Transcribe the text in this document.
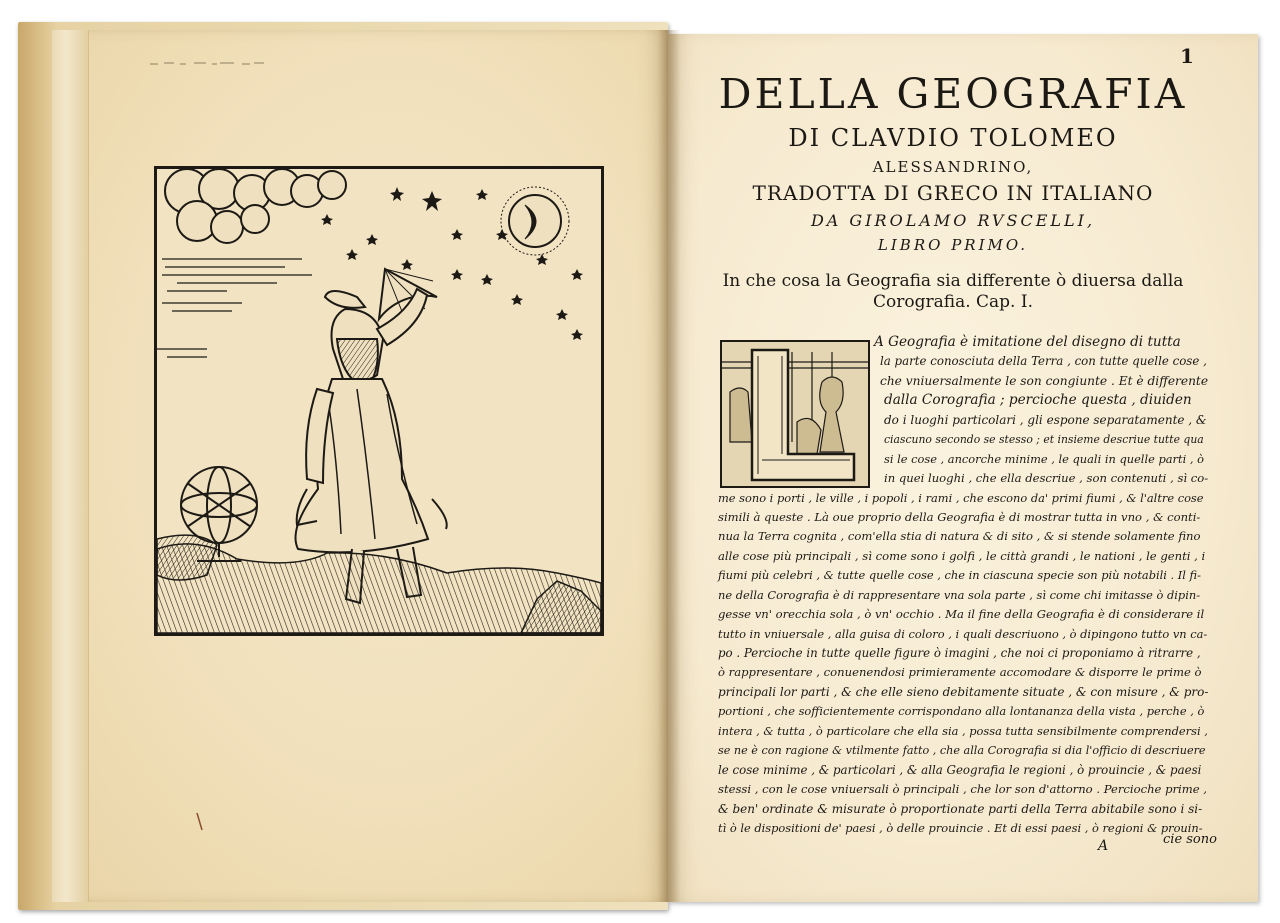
1
DELLA GEOGRAFIA
DI CLAVDIO TOLOMEO
ALESSANDRINO,
TRADOTTA DI GRECO IN ITALIANO
DA GIROLAMO RVSCELLI,
LIBRO PRIMO.
In che cosa la Geografia sia differente ò diuersa dalla
Corografia. Cap. I.
A Geografia è imitatione del disegno di tutta
la parte conosciuta della Terra , con tutte quelle cose ,
che vniuersalmente le son congiunte . Et è differente
dalla Corografia ; percioche questa , diuiden
do i luoghi particolari , gli espone separatamente , &
ciascuno secondo se stesso ; et insieme descriue tutte qua
si le cose , ancorche minime , le quali in quelle parti , ò
in quei luoghi , che ella descriue , son contenuti , sì co-
me sono i porti , le ville , i popoli , i rami , che escono da' primi fiumi , & l'altre cose
simili à queste . Là oue proprio della Geografia è di mostrar tutta in vno , & conti-
nua la Terra cognita , com'ella stia di natura & di sito , & si stende solamente fino
alle cose più principali , sì come sono i golfi , le città grandi , le nationi , le genti , i
fiumi più celebri , & tutte quelle cose , che in ciascuna specie son più notabili . Il fi-
ne della Corografia è di rappresentare vna sola parte , sì come chi imitasse ò dipin-
gesse vn' orecchia sola , ò vn' occhio . Ma il fine della Geografia è di considerare il
tutto in vniuersale , alla guisa di coloro , i quali descriuono , ò dipingono tutto vn ca-
po . Percioche in tutte quelle figure ò imagini , che noi ci proponiamo à ritrarre ,
ò rappresentare , conuenendosi primieramente accomodare & disporre le prime ò
principali lor parti , & che elle sieno debitamente situate , & con misure , & pro-
portioni , che sofficientemente corrispondano alla lontananza della vista , perche , ò
intera , & tutta , ò particolare che ella sia , possa tutta sensibilmente comprendersi ,
se ne è con ragione & vtilmente fatto , che alla Corografia si dia l'officio di descriuere
le cose minime , & particolari , & alla Geografia le regioni , ò prouincie , & paesi
stessi , con le cose vniuersali ò principali , che lor son d'attorno . Percioche prime ,
& ben' ordinate & misurate ò proportionate parti della Terra abitabile sono i si-
tì ò le dispositioni de' paesi , ò delle prouincie . Et di essi paesi , ò regioni & prouin-
A	cie sono
